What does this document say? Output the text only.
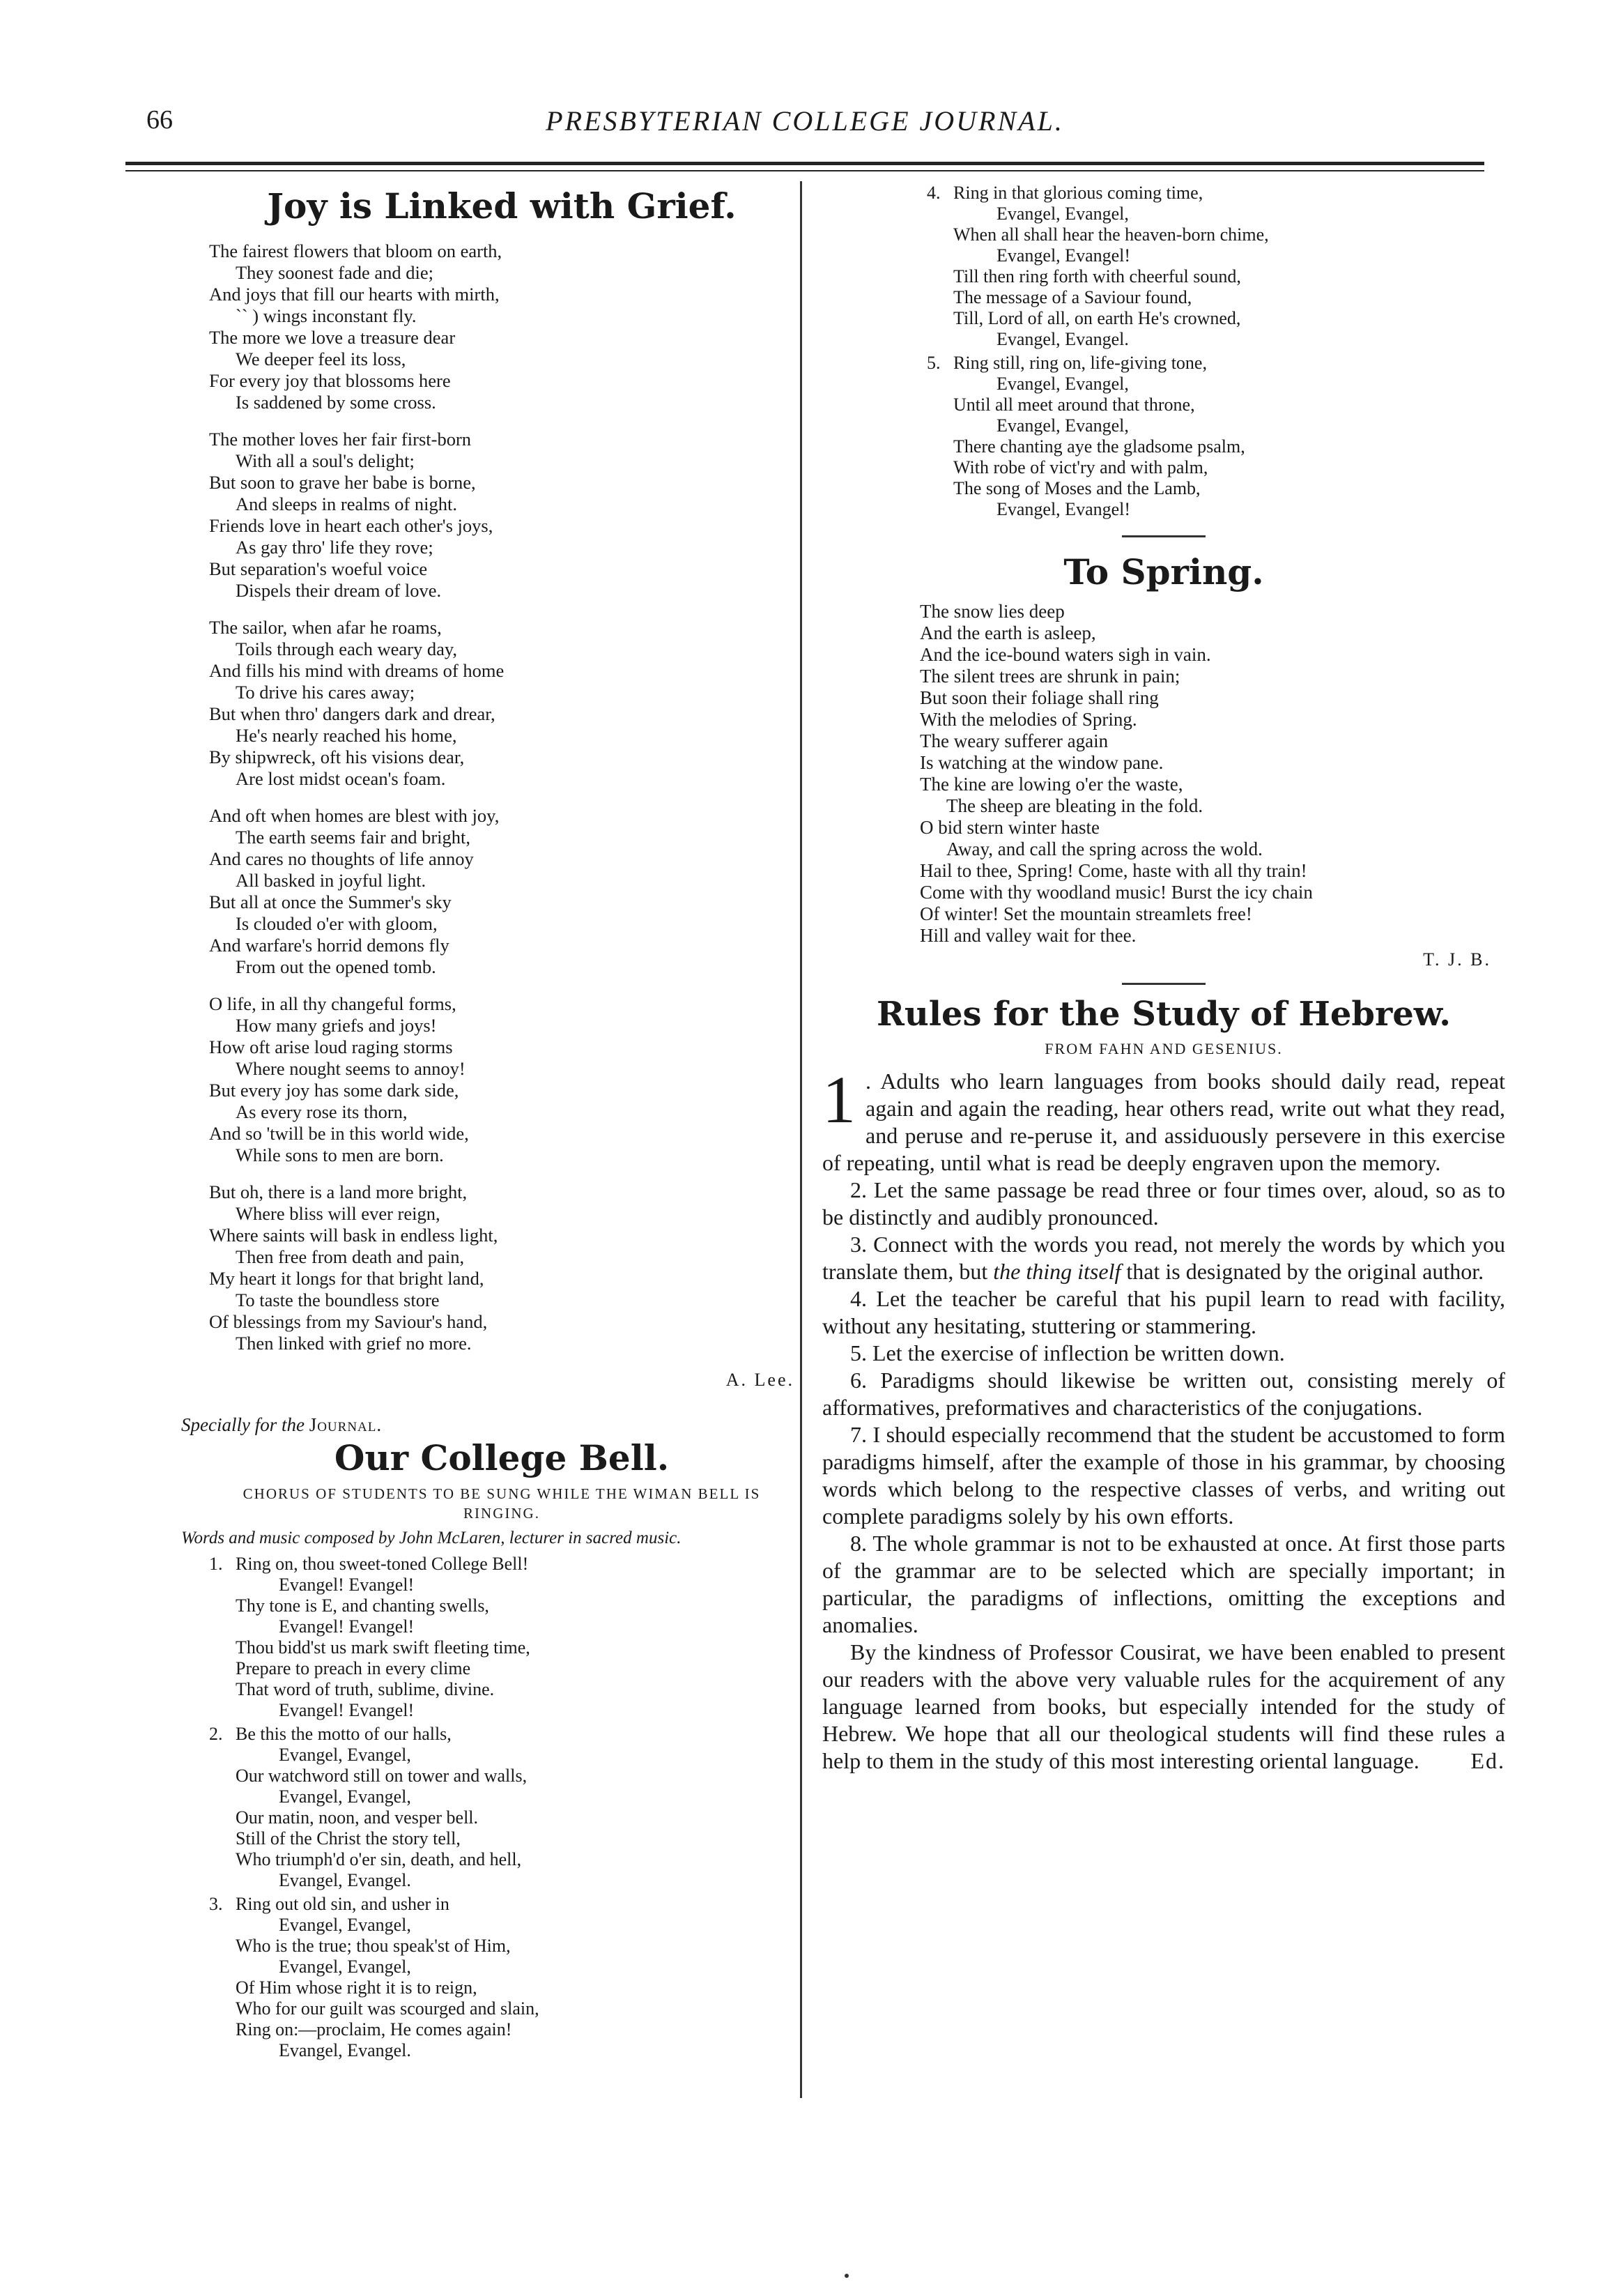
66	PRESBYTERIAN COLLEGE JOURNAL.
Joy is Linked with Grief.
The fairest flowers that bloom on earth,
They soonest fade and die;
And joys that fill our hearts with mirth,
`` ) wings inconstant fly.
The more we love a treasure dear
We deeper feel its loss,
For every joy that blossoms here
Is saddened by some cross.
The mother loves her fair first-born
With all a soul's delight;
But soon to grave her babe is borne,
And sleeps in realms of night.
Friends love in heart each other's joys,
As gay thro' life they rove;
But separation's woeful voice
Dispels their dream of love.
The sailor, when afar he roams,
Toils through each weary day,
And fills his mind with dreams of home
To drive his cares away;
But when thro' dangers dark and drear,
He's nearly reached his home,
By shipwreck, oft his visions dear,
Are lost midst ocean's foam.
And oft when homes are blest with joy,
The earth seems fair and bright,
And cares no thoughts of life annoy
All basked in joyful light.
But all at once the Summer's sky
Is clouded o'er with gloom,
And warfare's horrid demons fly
From out the opened tomb.
O life, in all thy changeful forms,
How many griefs and joys!
How oft arise loud raging storms
Where nought seems to annoy!
But every joy has some dark side,
As every rose its thorn,
And so 'twill be in this world wide,
While sons to men are born.
But oh, there is a land more bright,
Where bliss will ever reign,
Where saints will bask in endless light,
Then free from death and pain,
My heart it longs for that bright land,
To taste the boundless store
Of blessings from my Saviour's hand,
Then linked with grief no more.
A. Lee.
Specially for the Journal.
Our College Bell.
CHORUS OF STUDENTS TO BE SUNG WHILE THE WIMAN BELL IS RINGING.
Words and music composed by John McLaren, lecturer in sacred music.
1. Ring on, thou sweet-toned College Bell!
Evangel! Evangel!
Thy tone is E, and chanting swells,
Evangel! Evangel!
Thou bidd'st us mark swift fleeting time,
Prepare to preach in every clime
That word of truth, sublime, divine.
Evangel! Evangel!
2. Be this the motto of our halls,
Evangel, Evangel,
Our watchword still on tower and walls,
Evangel, Evangel,
Our matin, noon, and vesper bell.
Still of the Christ the story tell,
Who triumph'd o'er sin, death, and hell,
Evangel, Evangel.
3. Ring out old sin, and usher in
Evangel, Evangel,
Who is the true; thou speak'st of Him,
Evangel, Evangel,
Of Him whose right it is to reign,
Who for our guilt was scourged and slain,
Ring on:—proclaim, He comes again!
Evangel, Evangel.
4. Ring in that glorious coming time,
Evangel, Evangel,
When all shall hear the heaven-born chime,
Evangel, Evangel!
Till then ring forth with cheerful sound,
The message of a Saviour found,
Till, Lord of all, on earth He's crowned,
Evangel, Evangel.
5. Ring still, ring on, life-giving tone,
Evangel, Evangel,
Until all meet around that throne,
Evangel, Evangel,
There chanting aye the gladsome psalm,
With robe of vict'ry and with palm,
The song of Moses and the Lamb,
Evangel, Evangel!
To Spring.
The snow lies deep
And the earth is asleep,
And the ice-bound waters sigh in vain.
The silent trees are shrunk in pain;
But soon their foliage shall ring
With the melodies of Spring.
The weary sufferer again
Is watching at the window pane.
The kine are lowing o'er the waste,
The sheep are bleating in the fold.
O bid stern winter haste
Away, and call the spring across the wold.
Hail to thee, Spring! Come, haste with all thy train!
Come with thy woodland music! Burst the icy chain
Of winter! Set the mountain streamlets free!
Hill and valley wait for thee.
T. J. B.
Rules for the Study of Hebrew.
FROM FAHN AND GESENIUS.

1 . Adults who learn languages from books should daily read, repeat again and again the reading, hear others read, write out what they read, and peruse and re-peruse it, and assiduously persevere in this exercise of repeating, until what is read be deeply engraven upon the memory.

2. Let the same passage be read three or four times over, aloud, so as to be distinctly and audibly pronounced.

3. Connect with the words you read, not merely the words by which you translate them, but the thing itself that is designated by the original author.

4. Let the teacher be careful that his pupil learn to read with facility, without any hesitating, stuttering or stammering.

5. Let the exercise of inflection be written down.

6. Paradigms should likewise be written out, consisting merely of afformatives, preformatives and characteristics of the conjugations.

7. I should especially recommend that the student be accustomed to form paradigms himself, after the example of those in his grammar, by choosing words which belong to the respective classes of verbs, and writing out complete paradigms solely by his own efforts.

8. The whole grammar is not to be exhausted at once. At first those parts of the grammar are to be selected which are specially important; in particular, the paradigms of inflections, omitting the exceptions and anomalies.

By the kindness of Professor Cousirat, we have been enabled to present our readers with the above very valuable rules for the acquirement of any language learned from books, but especially intended for the study of Hebrew. We hope that all our theological students will find these rules a help to them in the study of this most interesting oriental language.	Ed.
